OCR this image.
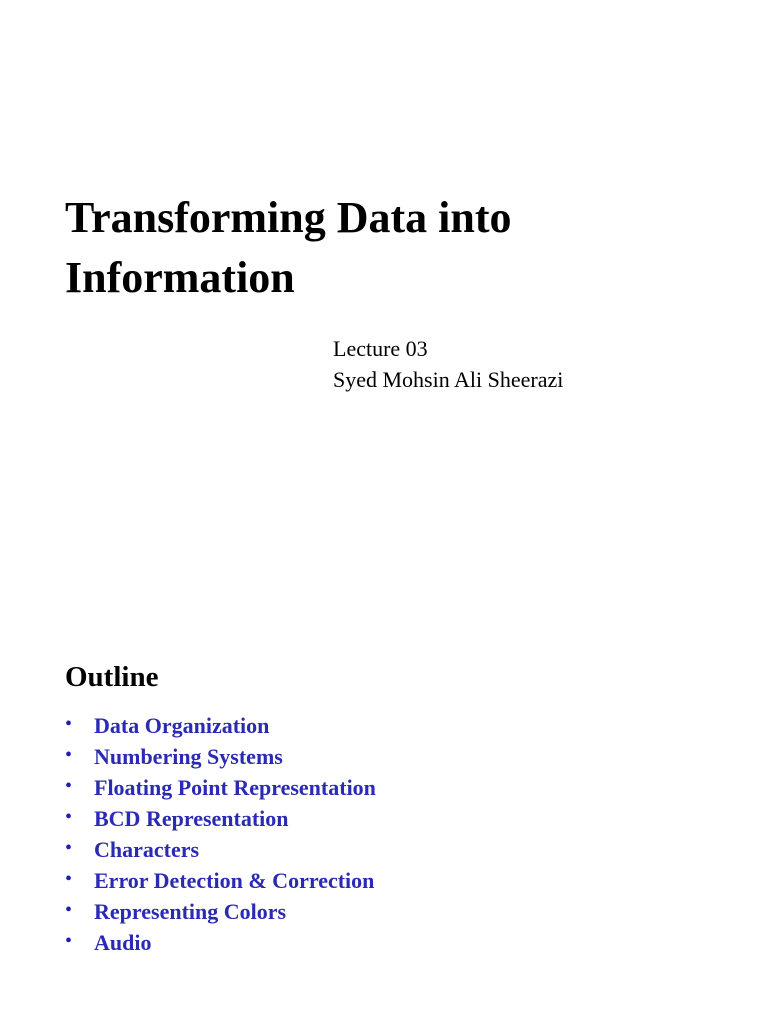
Transforming Data into
Information
Lecture 03
Syed Mohsin Ali Sheerazi
Outline
• Data Organization
• Numbering Systems
• Floating Point Representation
• BCD Representation
• Characters
• Error Detection & Correction
• Representing Colors
• Audio
